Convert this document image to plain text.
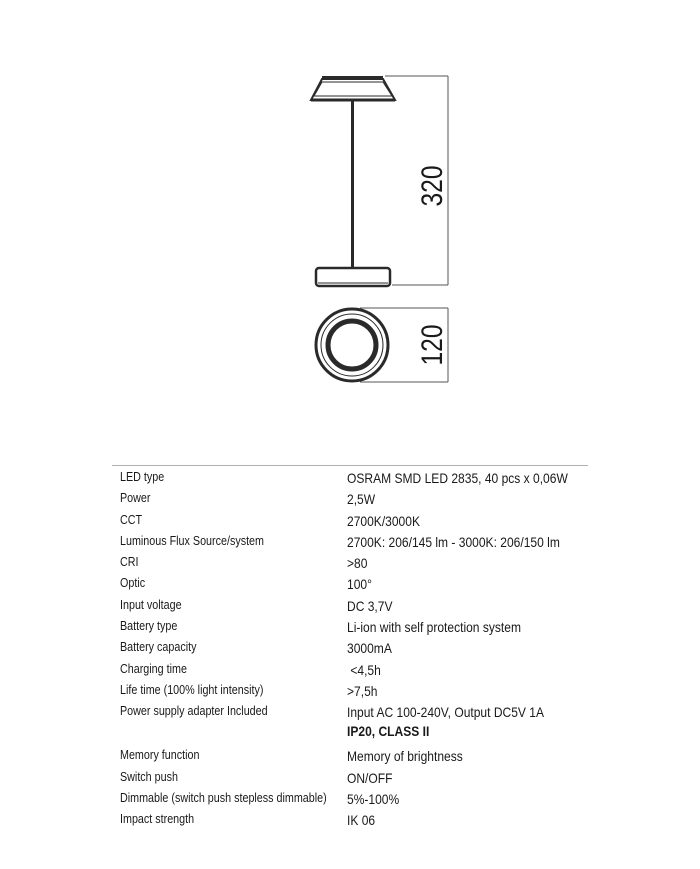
320
120
LED type	OSRAM SMD LED 2835, 40 pcs x 0,06W
Power	2,5W
CCT	2700K/3000K
Luminous Flux Source/system	2700K: 206/145 lm - 3000K: 206/150 lm
CRI	>80
Optic	100°
Input voltage	DC 3,7V
Battery type	Li-ion with self protection system
Battery capacity	3000mA
Charging time	<4,5h
Life time (100% light intensity)	>7,5h
Power supply adapter Included	Input AC 100-240V, Output DC5V 1A
IP20, CLASS II
Memory function	Memory of brightness
Switch push	ON/OFF
Dimmable (switch push stepless dimmable) 5%-100%
Impact strength	IK 06
